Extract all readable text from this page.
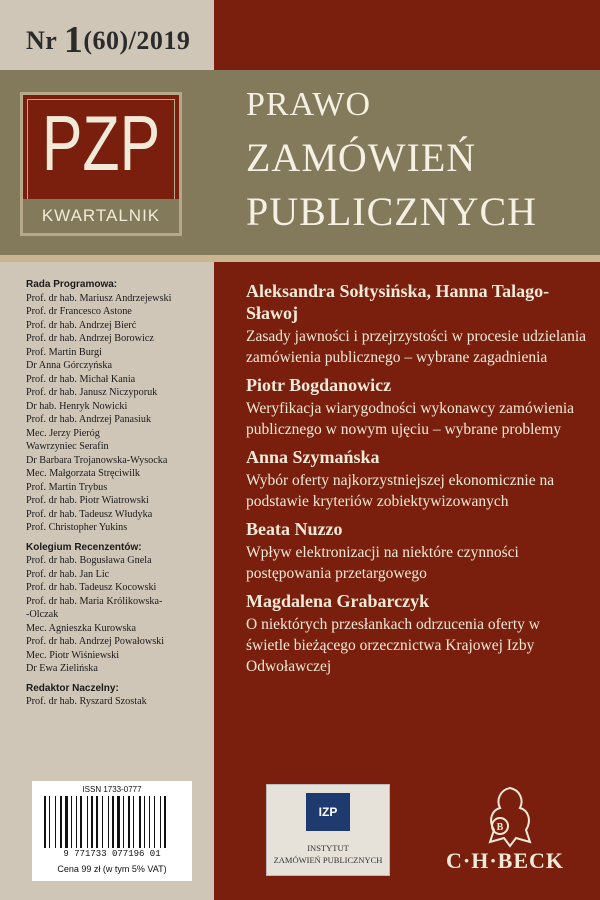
Nr 1(60)/2019
PZP
KWARTALNIK
PRAWO
ZAMÓWIEŃ
PUBLICZNYCH
Rada Programowa:
Prof. dr hab. Mariusz Andrzejewski
Prof. dr Francesco Astone
Prof. dr hab. Andrzej Bierć
Prof. dr hab. Andrzej Borowicz
Prof. Martin Burgi
Dr Anna Górczyńska
Prof. dr hab. Michał Kania
Prof. dr hab. Janusz Niczyporuk
Dr hab. Henryk Nowicki
Prof. dr hab. Andrzej Panasiuk
Mec. Jerzy Pieróg
Wawrzyniec Serafin
Dr Barbara Trojanowska-Wysocka
Mec. Małgorzata Stręciwilk
Prof. Martin Trybus
Prof. dr hab. Piotr Wiatrowski
Prof. dr hab. Tadeusz Włudyka
Prof. Christopher Yukins
Kolegium Recenzentów:
Prof. dr hab. Bogusława Gnela
Prof. dr hab. Jan Lic
Prof. dr hab. Tadeusz Kocowski
Prof. dr hab. Maria Królikowska-
-Olczak
Mec. Agnieszka Kurowska
Prof. dr hab. Andrzej Powałowski
Mec. Piotr Wiśniewski
Dr Ewa Zielińska
Redaktor Naczelny:
Prof. dr hab. Ryszard Szostak
Aleksandra Sołtysińska, Hanna Talago-Sławoj
Zasady jawności i przejrzystości w procesie udzielania zamówienia publicznego – wybrane zagadnienia
Piotr Bogdanowicz
Weryfikacja wiarygodności wykonawcy zamówienia publicznego w nowym ujęciu – wybrane problemy
Anna Szymańska
Wybór oferty najkorzystniejszej ekonomicznie na podstawie kryteriów zobiektywizowanych
Beata Nuzzo
Wpływ elektronizacji na niektóre czynności postępowania przetargowego
Magdalena Grabarczyk
O niektórych przesłankach odrzucenia oferty w świetle bieżącego orzecznictwa Krajowej Izby Odwoławczej
ISSN 1733-0777
9 771733 077196 01
Cena 99 zł (w tym 5% VAT)
IZP
INSTYTUT
ZAMÓWIEŃ PUBLICZNYCH
B
C·H·BECK
